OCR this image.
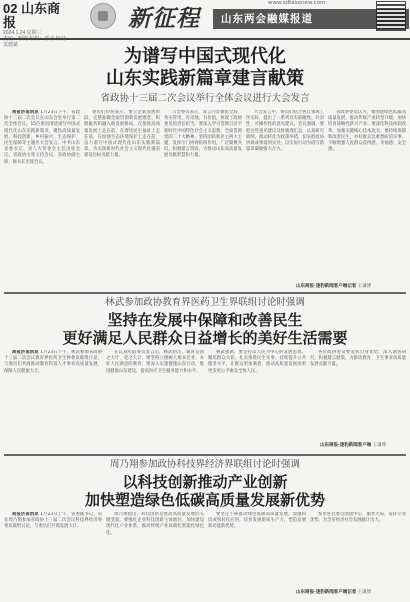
02 山东商报
2024.1.24 星期三
袁德斌
新征程
www.sdtaxonew.com
山东两会融媒报道
为谱写中国式现代化
山东实践新篇章建言献策
省政协十三届二次会议举行全体会议进行大会发言

商报济南消息 1月23日下午，省政协十三届二次会议在山东会堂举行第二次全体会议。15位委员围绕谱写中国式现代化山东实践新篇章，聚焦高质量发展、科技创新、乡村振兴、生态保护、民生保障等主题作大会发言。中共山东省委书记、省人大常委会主任出席会议。省政协主席主持会议，省政协副主席、秘书长出席会议。

委员们纷纷表示，要立足新发展阶段，完整准确全面贯彻新发展理念，积极服务和融入新发展格局，在推进高质量发展上走在前，在增进民生福祉上走在前，在加强生态环境保护上走在前，奋力谱写中国式现代化山东实践新篇章，为实现新时代社会主义现代化强省建设目标贡献力量。

与会委员表示，发言内容聚焦全局、务实管用，有见地、有价值，体现了政协委员的责任担当。要深入学习贯彻习近平新时代中国特色社会主义思想，全面贯彻党的二十大精神，坚持团结和民主两大主题，发挥专门协商机构作用，广泛凝聚共识，积极建言资政，为推动山东高质量发展贡献智慧和力量。

大会发言中，委员们结合各自领域工作实际，提出了一系列具有前瞻性、针对性、可操作性的意见建议。会议强调，要把这些意见建议及时梳理汇总，认真研究吸纳，推动转化为政策举措，切实把政协协商成果落到实处，以实际行动为谱写新篇章凝聚强大合力。

省政协委员认为，要围绕绿色低碳高质量发展，推动传统产业转型升级，加快培育战略性新兴产业；要深化科技体制改革，加强关键核心技术攻关；要持续保障和改善民生，办好群众急难愁盼的实事，不断增强人民群众获得感、幸福感、安全感。

山东商报·速豹新闻客户端记者 王谦博
林武参加政协教育界医药卫生界联组讨论时强调
坚持在发展中保障和改善民生
更好满足人民群众日益增长的美好生活需要

商报济南消息 1月23日下午，林武参加省政协十三届二次会议教育界医药卫生界委员联组讨论，与委员们共商推动教育科技人才事业高质量发展、保障人民健康大计。

在认真听取委员发言后，林武指出，教育是国之大计、党之大计。要坚持立德树人根本任务，办好人民满意的教育；要深入实施健康山东行动，推进健康山东建设，提高医疗卫生服务能力和水平。

林武强调，要坚持以人民为中心的发展思想，聚焦群众关切，扎实推进民生实事，持续提升公共服务水平，让群众更加满意，推动高质量发展成果更多更公平惠及全体人民。

各位政协委员要发挥自身优势，深入调查研究，积极建言献策，为推动教育、卫生事业高质量发展贡献力量。

山东商报·速豹新闻客户端 王谦博
周乃翔参加政协科技界经济界联组讨论时强调
以科技创新推动产业创新
加快塑造绿色低碳高质量发展新优势

商报济南消息 1月23日上午，省委副书记、省长周乃翔参加省政协十三届二次会议科技界经济界委员联组讨论，与委员们共商发展大计。

周乃翔指出，科技创新是推动高质量发展的关键变量。要强化企业科技创新主体地位，加快建设现代化产业体系，推动传统产业高端化智能化绿色化。

要坚定不移推动绿色低碳高质量发展，加强科技成果转化应用，培育发展新质生产力，塑造发展新动能新优势。

希望各位委员围绕中心、服务大局，发挥专业优势，为全省经济社会发展献计出力。

山东商报·速豹新闻客户端记者 王谦博
